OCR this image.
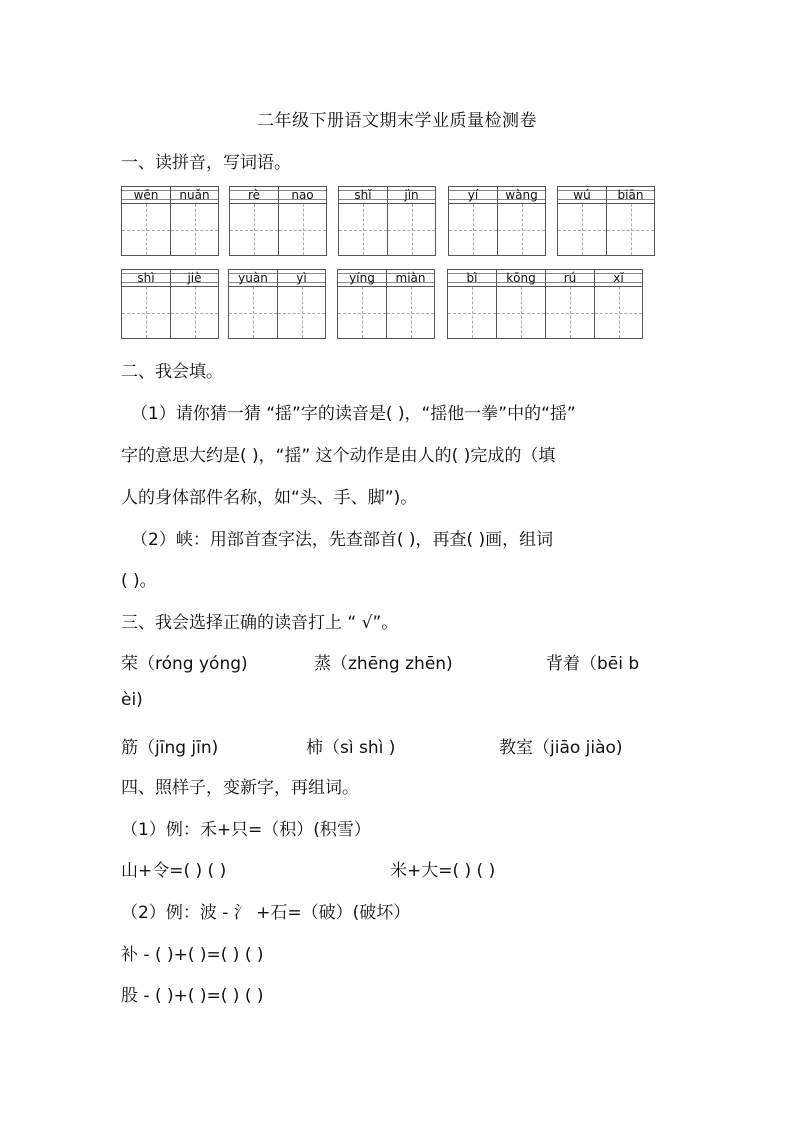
二年级下册语文期末学业质量检测卷
一、读拼音，写词语。
wēn	nuǎn	rè	nao	shǐ	jìn	yí	wàng	wú	biān
shì	jiè	yuàn	yì	yíng	miàn	bì	kōng	rú	xǐ
二、我会填。
（1）请你猜一猜 “揺”字的读音是( )，“揺他一拳”中的“揺”
字的意思大约是( )，“揺” 这个动作是由人的( )完成的（填
人的身体部件名称，如“头、手、脚”)。
（2）峡：用部首查字法，先查部首( )，再查( )画，组词
( )。
三、我会选择正确的读音打上 “ √”。
荣（róng yóng)	蒸（zhēng zhēn)	背着（bēi b
èi)
筋（jīng jīn)	柿（sì shì )	教室（jiāo jiào)
四、照样子，变新字，再组词。
（1）例：禾+只=（积）(积雪）
山+令=( ) ( )	米+大=( ) ( )
（2）例：波 - 氵 +石=（破）(破坏）
补 - ( )+( )=( ) ( )
股 - ( )+( )=( ) ( )
